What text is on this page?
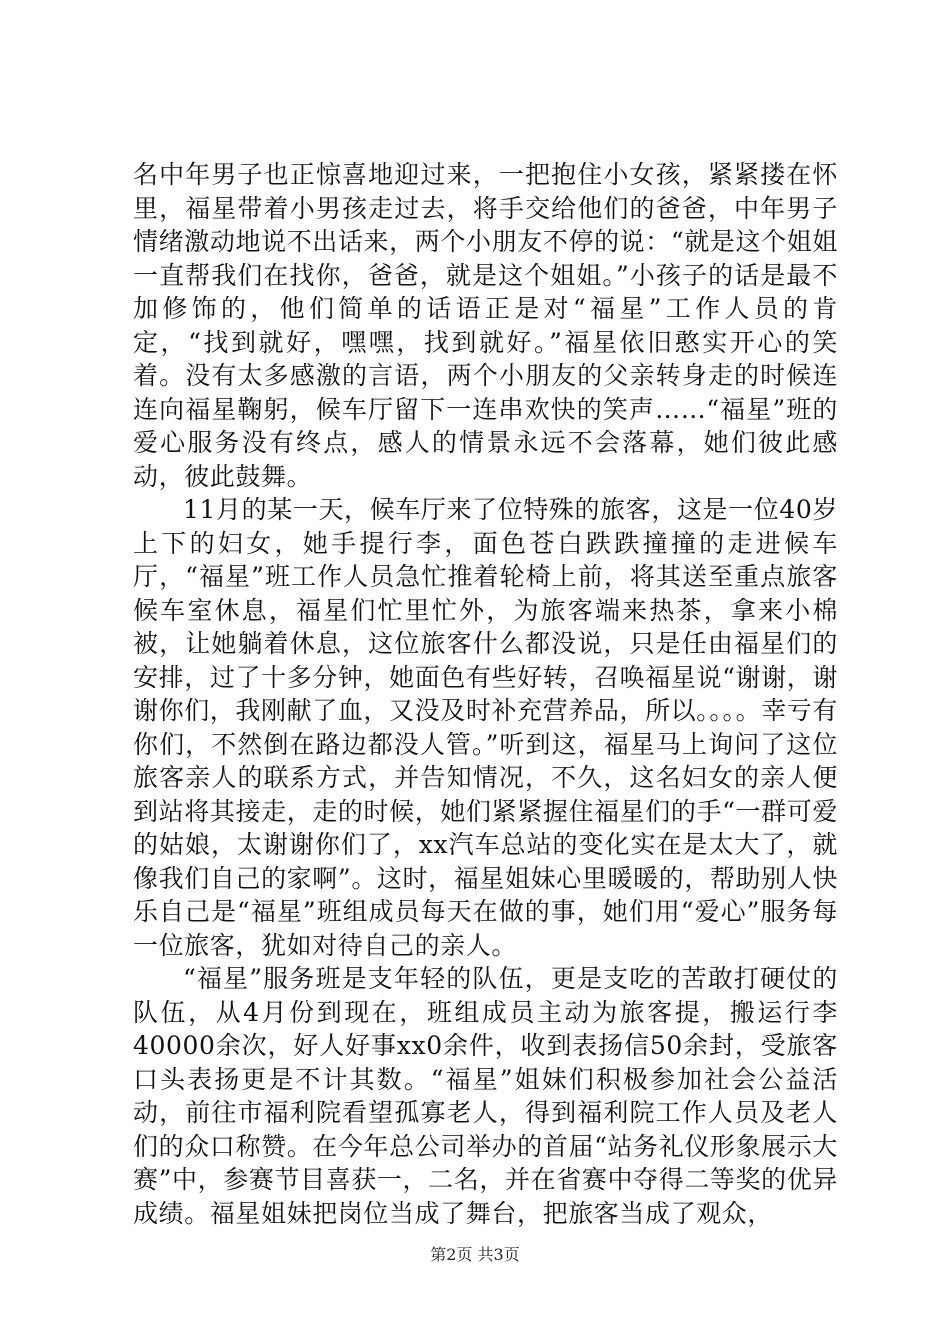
名中年男子也正惊喜地迎过来，一把抱住小女孩，紧紧搂在怀里，福星带着小男孩走过去，将手交给他们的爸爸，中年男子情绪激动地说不出话来，两个小朋友不停的说：“就是这个姐姐一直帮我们在找你，爸爸，就是这个姐姐。”小孩子的话是最不加修饰的，他们简单的话语正是对“福星”工作人员的肯定，“找到就好，嘿嘿，找到就好。”福星依旧憨实开心的笑着。没有太多感激的言语，两个小朋友的父亲转身走的时候连连向福星鞠躬，候车厅留下一连串欢快的笑声……“福星”班的爱心服务没有终点，感人的情景永远不会落幕，她们彼此感动，彼此鼓舞。

11月的某一天，候车厅来了位特殊的旅客，这是一位40岁上下的妇女，她手提行李，面色苍白跌跌撞撞的走进候车厅，“福星”班工作人员急忙推着轮椅上前，将其送至重点旅客候车室休息，福星们忙里忙外，为旅客端来热茶，拿来小棉被，让她躺着休息，这位旅客什么都没说，只是任由福星们的安排，过了十多分钟，她面色有些好转，召唤福星说“谢谢，谢谢你们，我刚献了血，又没及时补充营养品，所以。。。。幸亏有你们，不然倒在路边都没人管。”听到这，福星马上询问了这位旅客亲人的联系方式，并告知情况，不久，这名妇女的亲人便到站将其接走，走的时候，她们紧紧握住福星们的手“一群可爱的姑娘，太谢谢你们了，xx汽车总站的变化实在是太大了，就像我们自己的家啊”。这时，福星姐妹心里暖暖的，帮助别人快乐自己是“福星”班组成员每天在做的事，她们用“爱心”服务每一位旅客，犹如对待自己的亲人。

“福星”服务班是支年轻的队伍，更是支吃的苦敢打硬仗的队伍，从4月份到现在，班组成员主动为旅客提，搬运行李40000余次，好人好事xx0余件，收到表扬信50余封，受旅客口头表扬更是不计其数。“福星”姐妹们积极参加社会公益活动，前往市福利院看望孤寡老人，得到福利院工作人员及老人们的众口称赞。在今年总公司举办的首届“站务礼仪形象展示大赛”中，参赛节目喜获一，二名，并在省赛中夺得二等奖的优异成绩。福星姐妹把岗位当成了舞台，把旅客当成了观众，

第2页 共3页
